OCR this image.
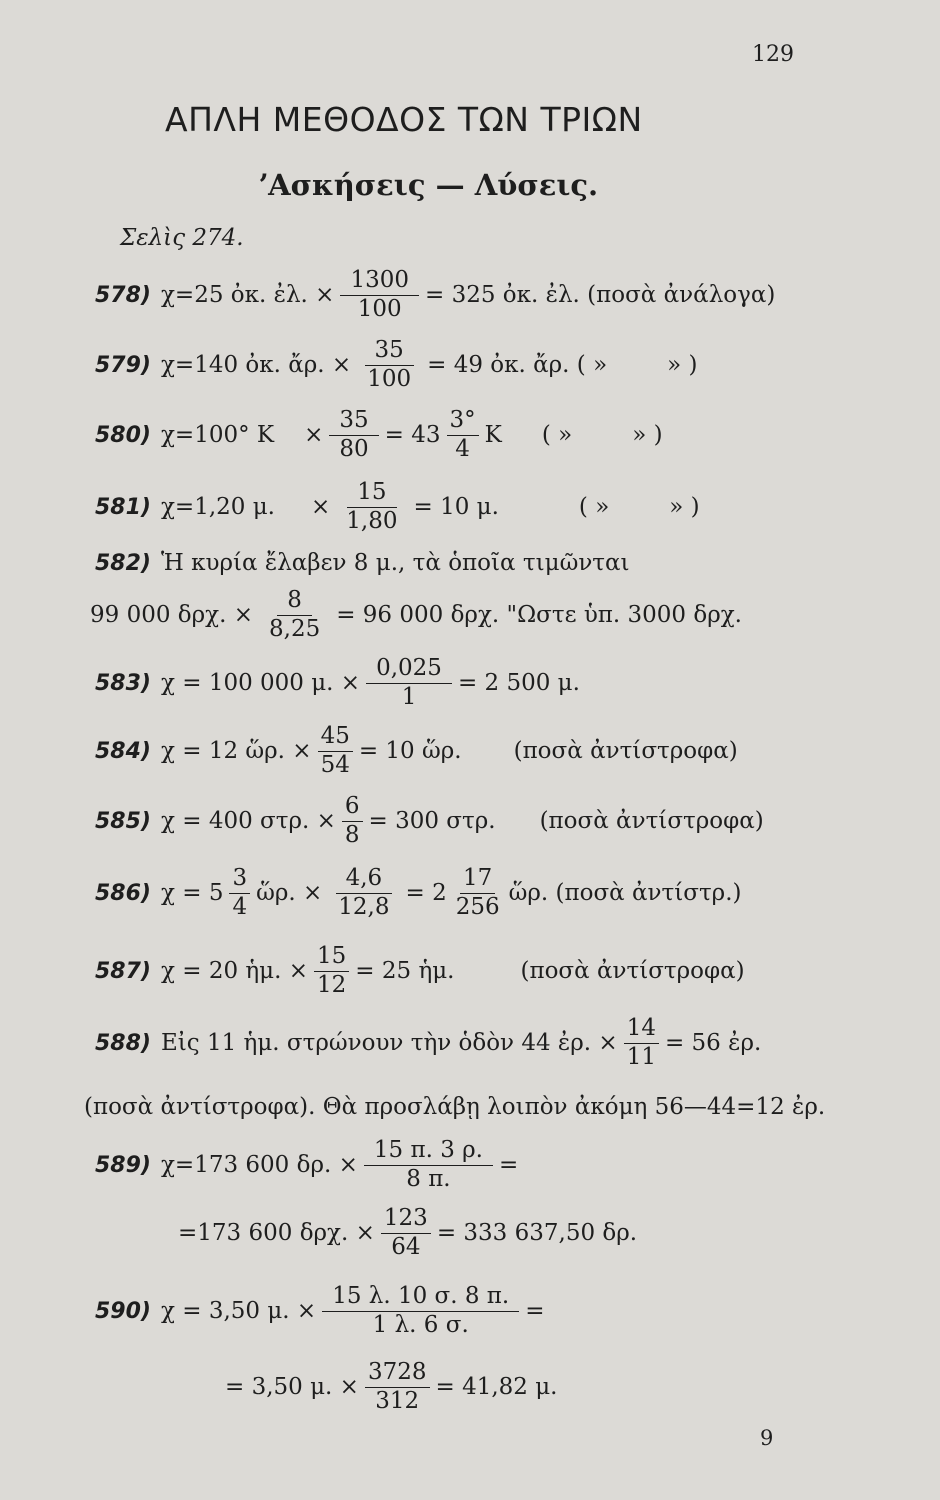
129
ΑΠΛΗ ΜΕΘΟΔΟΣ ΤΩΝ ΤΡΙΩΝ
ʼΑσκήσεις — Λύσεις.
Σελὶς 274.
578) χ=25 ὀκ. ἐλ. × $\frac{1300}{100} = 325$ ὀκ. ἐλ. (ποσὰ ἀνάλογα)
579) χ=140 ὀκ. ἄρ. × $\frac{35}{100} = 49$ ὀκ. ἄρ. ( »	» )
580) χ=100° $K \times \frac{35}{80} = 43 \frac{3^\circ}{4}$ Κ ( »	» )
581) χ=1,20 μ. × $\frac{15}{1,80} = 10$ μ.	( »	» )
582) Ἡ κυρία ἔλαβεν 8 μ., τὰ ὁποῖα τιμῶνται
99 000 δρχ. × $\frac{8}{8,25} = 96$ 000 δρχ. "Ωστε ὑπ. 3000 δρχ.
583) χ = 100 000 μ. × $\frac{0,025}{1} = 2$ 500 μ.
584) χ = 12 ὥρ. × $\frac{45}{54} = 10$ ὥρ. (ποσὰ ἀντίστροφα)
585) χ = 400 στρ. × $\frac{6}{8} = 300$ στρ. (ποσὰ ἀντίστροφα)
586) $\chi = 5 \frac{3}{4}$ ὥρ. × $\frac{4,6}{12,8} = 2 \frac{17}{256}$ ὥρ. (ποσὰ ἀντίστρ.)
587) χ = 20 ἡμ. × $\frac{15}{12} = 25$ ἡμ.	(ποσὰ ἀντίστροφα)
588) Εἰς 11 ἡμ. στρώνουν τὴν ὁδὸν 44 ἐρ. × $\frac{14}{11} = 56$ ἐρ.
(ποσὰ ἀντίστροφα). Θὰ προσλάβῃ λοιπὸν ἀκόμη 56—44=12 ἐρ.
589) χ=173 600 δρ. × $\frac{15 \pi. 3 \rho.}{8 \pi.}$ =
=173 600 δρχ. × $\frac{123}{64} = 333$ 637,50 δρ.
590) χ = 3,50 μ. × $\frac{15 \lambda. 10 \sigma. 8 \pi.}{1 \lambda. 6 \sigma.}$ =
= 3,50 μ. × $\frac{3728}{312} = 41,82$ μ.
9
